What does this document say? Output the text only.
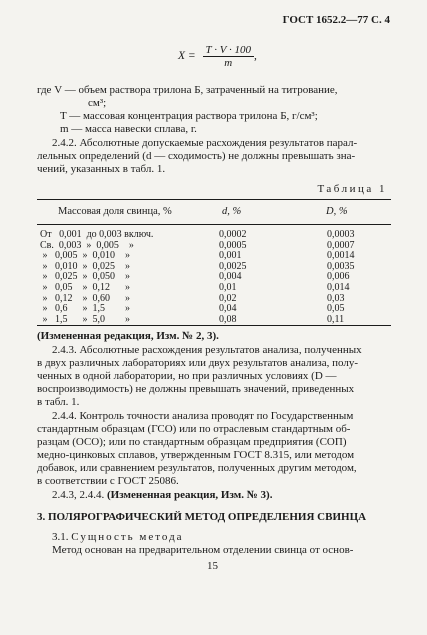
ГОСТ 1652.2—77 С. 4
$X = \frac{T \cdot V \cdot 100}{m}$ ,
где V — объем раствора трилона Б, затраченный на титрование,
см³;
T — массовая концентрация раствора трилона Б, г/см³;
m — масса навески сплава, г.
2.4.2. Абсолютные допускаемые расхождения результатов парал-
лельных определений (d — сходимость) не должны превышать зна-
чений, указанных в табл. 1.
Таблица 1
Массовая доля свинца, %	d, %	D, %
От   0,001  до 0,003 включ.	0,0002	0,0003
Св.  0,003  »  0,005    »	0,0005	0,0007
»   0,005  »  0,010    »	0,001	0,0014
»   0,010  »  0,025    »	0,0025	0,0035
»   0,025  »  0,050    »	0,004	0,006
»   0,05    »  0,12      »	0,01	0,014
»   0,12    »  0,60      »	0,02	0,03
»   0,6      »  1,5        »	0,04	0,05
»   1,5      »  5,0        »	0,08	0,11
(Измененная редакция, Изм. № 2, 3).
2.4.3. Абсолютные расхождения результатов анализа, полученных
в двух различных лабораториях или двух результатов анализа, полу-
ченных в одной лаборатории, но при различных условиях (D —
воспроизводимость) не должны превышать значений, приведенных
в табл. 1.
2.4.4. Контроль точности анализа проводят по Государственным
стандартным образцам (ГСО) или по отраслевым стандартным об-
разцам (ОСО); или по стандартным образцам предприятия (СОП)
медно-цинковых сплавов, утвержденным ГОСТ 8.315, или методом
добавок, или сравнением результатов, полученных другим методом,
в соответствии с ГОСТ 25086.
2.4.3, 2.4.4. (Измененная реакция, Изм. № 3).
3. ПОЛЯРОГРАФИЧЕСКИЙ МЕТОД ОПРЕДЕЛЕНИЯ СВИНЦА
3.1. Сущность метода
Метод основан на предварительном отделении свинца от основ-
15
